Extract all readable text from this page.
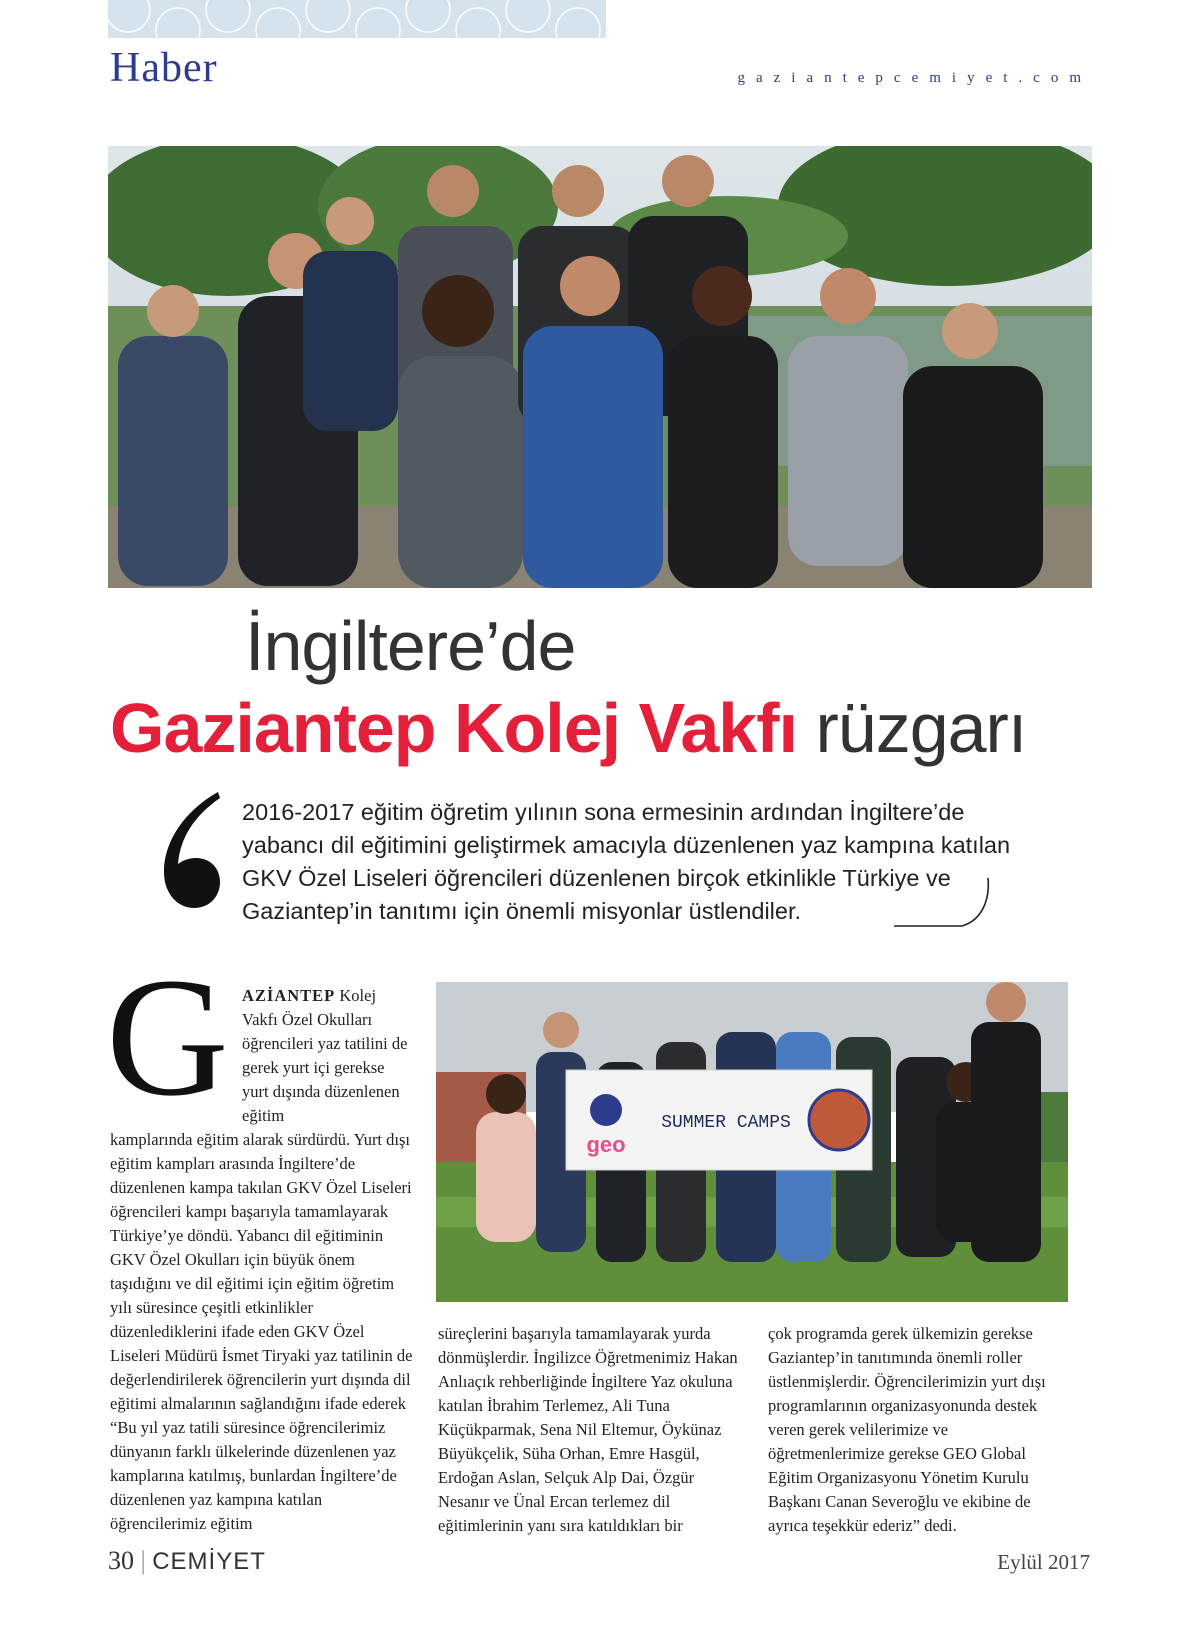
Haber	gaziantepcemiyet.com
İngiltere’de
Gaziantep Kolej Vakfı rüzgarı
2016-2017 eğitim öğretim yılının sona ermesinin ardından İngiltere’de yabancı dil eğitimini geliştirmek amacıyla düzenlenen yaz kampına katılan GKV Özel Liseleri öğrencileri düzenlenen birçok etkinlikle Türkiye ve Gaziantep’in tanıtımı için önemli misyonlar üstlendiler.
geo
SUMMER CAMPS
G AZİANTEP Kolej Vakfı Özel Okulları öğrencileri yaz tatilini de gerek yurt içi gerekse yurt dışında düzenlenen eğitim
kamplarında eğitim alarak sürdürdü. Yurt dışı eğitim kampları arasında İngiltere’de düzenlenen kampa takılan GKV Özel Liseleri öğrencileri kampı başarıyla tamamlayarak Türkiye’ye döndü. Yabancı dil eğitiminin GKV Özel Okulları için büyük önem taşıdığını ve dil eğitimi için eğitim öğretim yılı süresince çeşitli etkinlikler düzenlediklerini ifade eden GKV Özel Liseleri Müdürü İsmet Tiryaki yaz tatilinin de değerlendirilerek öğrencilerin yurt dışında dil eğitimi almalarının sağlandığını ifade ederek “Bu yıl yaz tatili süresince öğrencilerimiz dünyanın farklı ülkelerinde düzenlenen yaz kamplarına katılmış, bunlardan İngiltere’de düzenlenen yaz kampına katılan öğrencilerimiz eğitim
süreçlerini başarıyla tamamlayarak yurda dönmüşlerdir. İngilizce Öğretmenimiz Hakan Anlıaçık rehberliğinde İngiltere Yaz okuluna katılan İbrahim Terlemez, Ali Tuna Küçükparmak, Sena Nil Eltemur, Öykünaz Büyükçelik, Süha Orhan, Emre Hasgül, Erdoğan Aslan, Selçuk Alp Dai, Özgür Nesanır ve Ünal Ercan terlemez dil eğitimlerinin yanı sıra katıldıkları bir
çok programda gerek ülkemizin gerekse Gaziantep’in tanıtımında önemli roller üstlenmişlerdir. Öğrencilerimizin yurt dışı programlarının organizasyonunda destek veren gerek velilerimize ve öğretmenlerimize gerekse GEO Global Eğitim Organizasyonu Yönetim Kurulu Başkanı Canan Severoğlu ve ekibine de ayrıca teşekkür ederiz” dedi.
30 | CEMİYET	Eylül 2017
